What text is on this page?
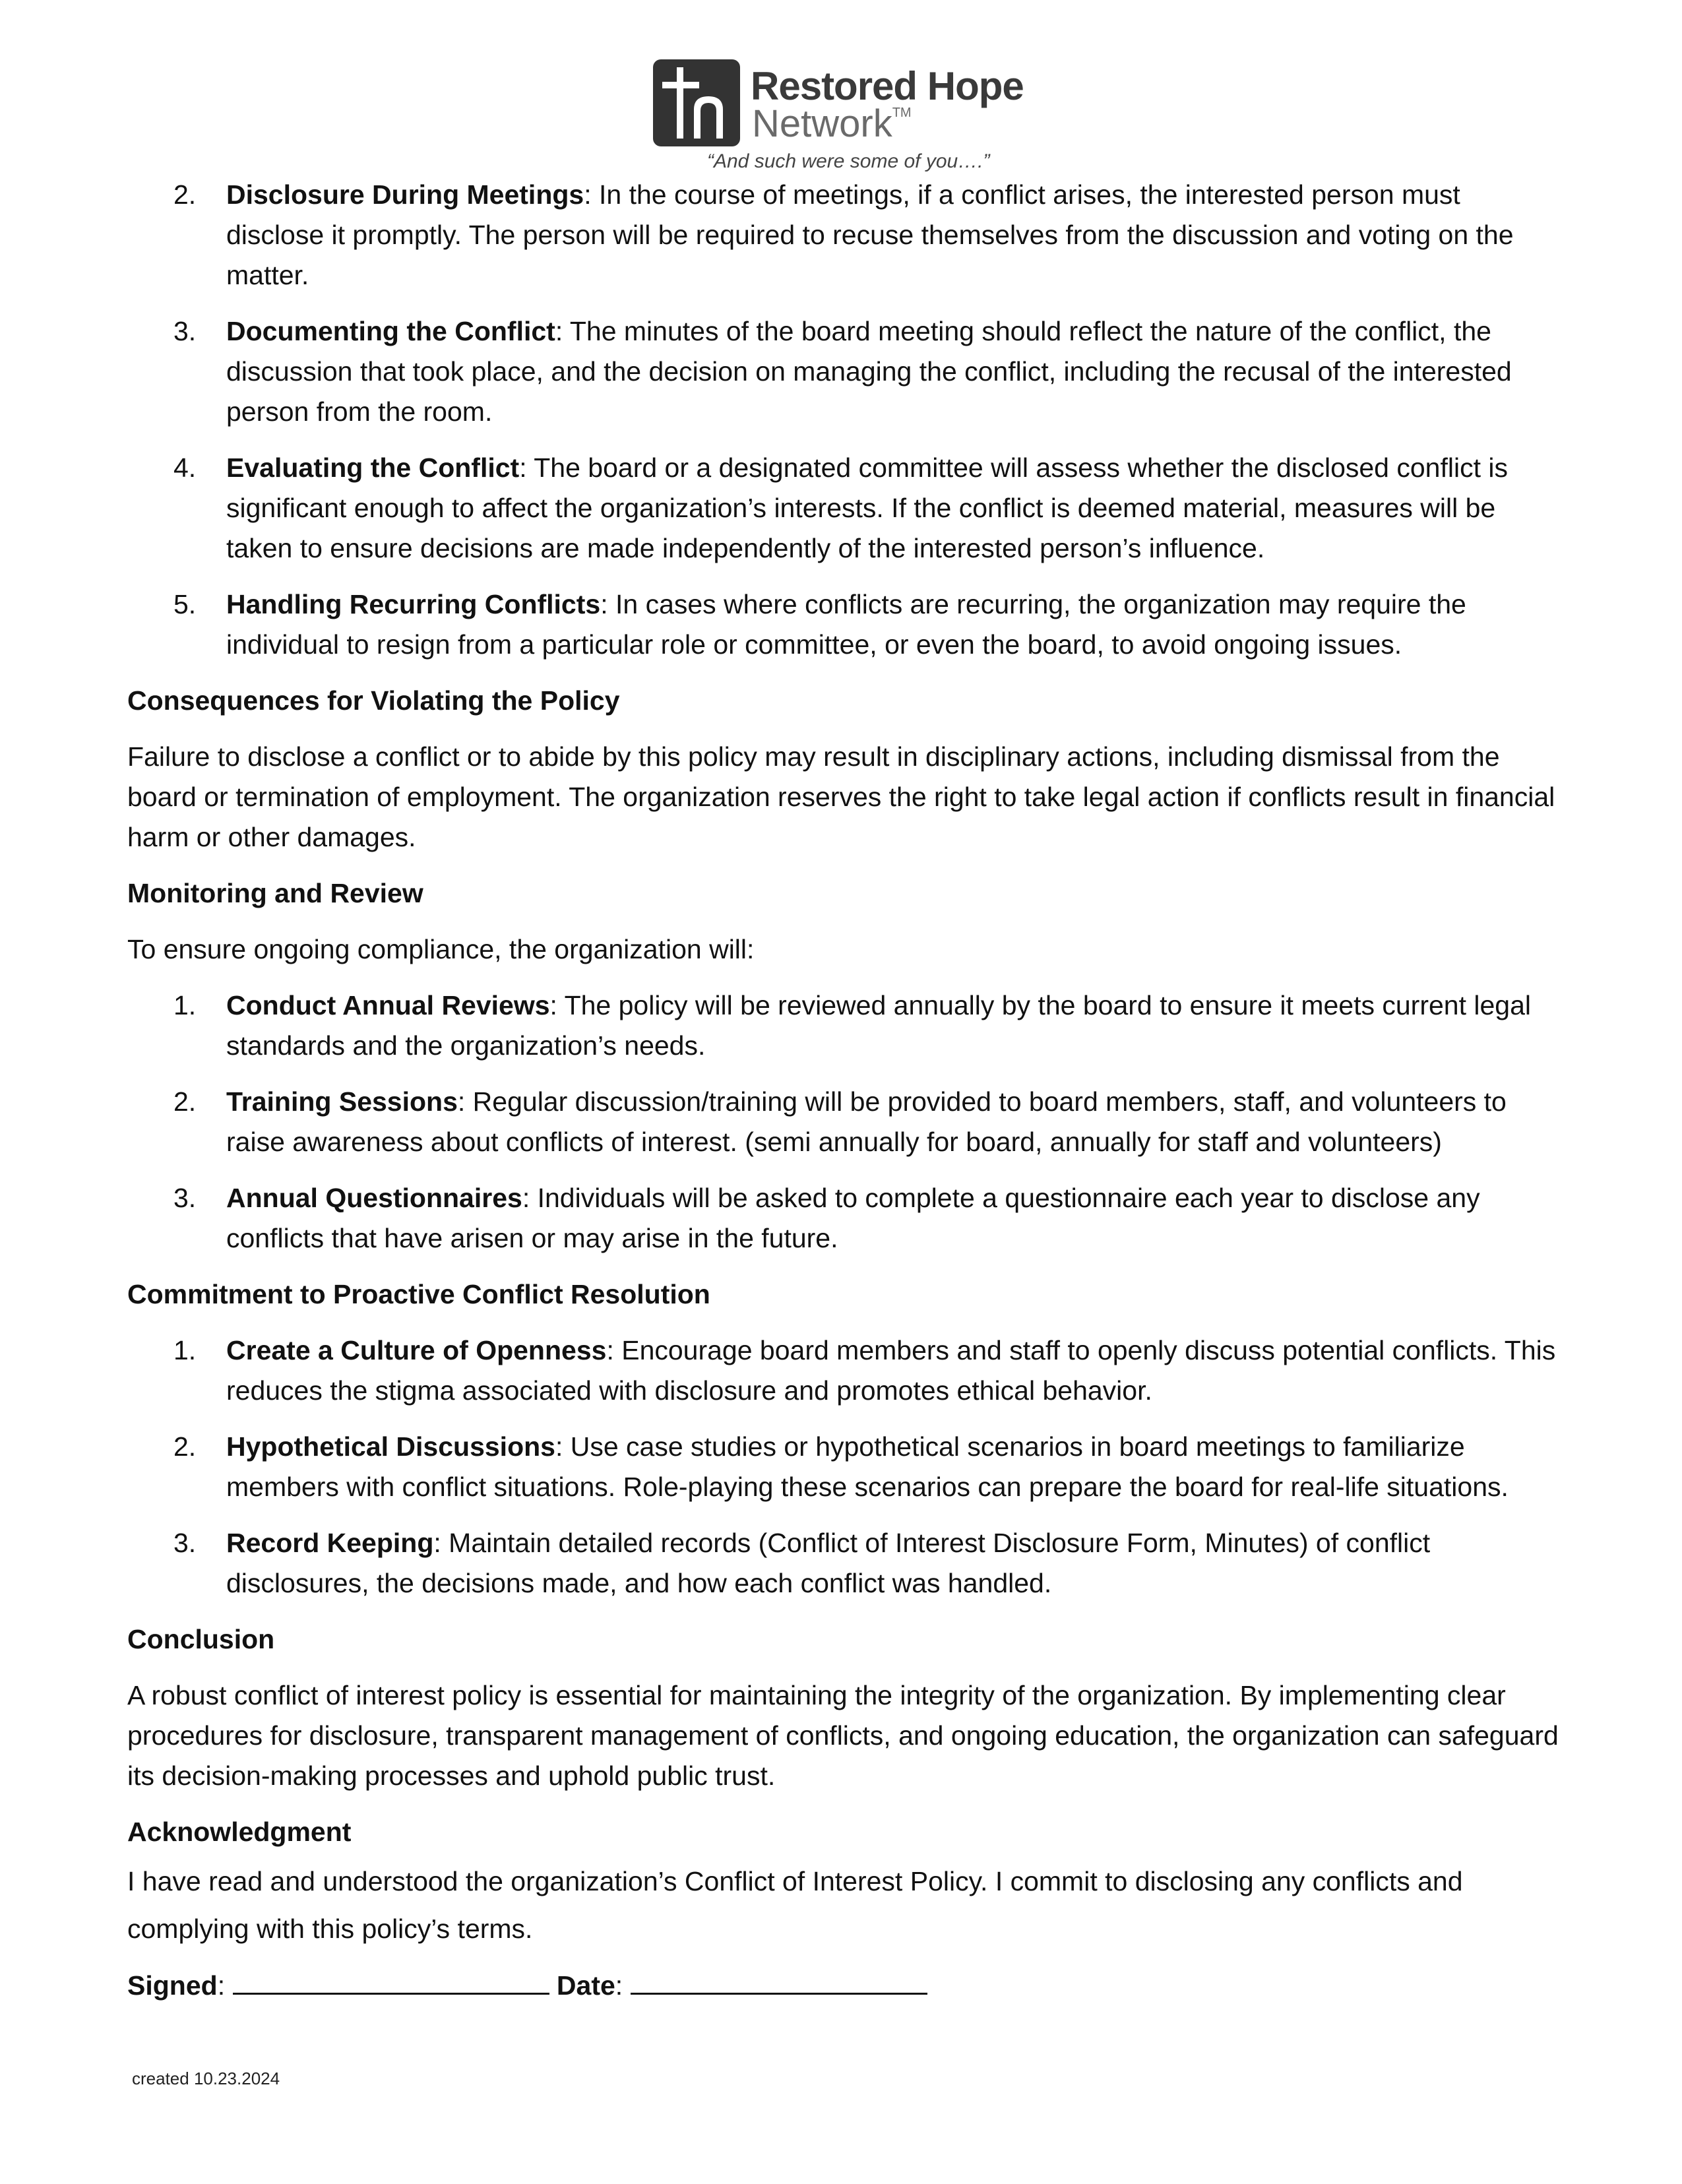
Restored Hope
Network™
“And such were some of you….”
2. Disclosure During Meetings: In the course of meetings, if a conflict arises, the interested person must disclose it promptly. The person will be required to recuse themselves from the discussion and voting on the matter.
3. Documenting the Conflict: The minutes of the board meeting should reflect the nature of the conflict, the discussion that took place, and the decision on managing the conflict, including the recusal of the interested person from the room.
4. Evaluating the Conflict: The board or a designated committee will assess whether the disclosed conflict is significant enough to affect the organization’s interests. If the conflict is deemed material, measures will be taken to ensure decisions are made independently of the interested person’s influence.
5. Handling Recurring Conflicts: In cases where conflicts are recurring, the organization may require the individual to resign from a particular role or committee, or even the board, to avoid ongoing issues.
Consequences for Violating the Policy
Failure to disclose a conflict or to abide by this policy may result in disciplinary actions, including dismissal from the board or termination of employment. The organization reserves the right to take legal action if conflicts result in financial harm or other damages.
Monitoring and Review
To ensure ongoing compliance, the organization will:
1. Conduct Annual Reviews: The policy will be reviewed annually by the board to ensure it meets current legal standards and the organization’s needs.
2. Training Sessions: Regular discussion/training will be provided to board members, staff, and volunteers to raise awareness about conflicts of interest. (semi annually for board, annually for staff and volunteers)
3. Annual Questionnaires: Individuals will be asked to complete a questionnaire each year to disclose any conflicts that have arisen or may arise in the future.
Commitment to Proactive Conflict Resolution
1. Create a Culture of Openness: Encourage board members and staff to openly discuss potential conflicts. This reduces the stigma associated with disclosure and promotes ethical behavior.
2. Hypothetical Discussions: Use case studies or hypothetical scenarios in board meetings to familiarize members with conflict situations. Role-playing these scenarios can prepare the board for real-life situations.
3. Record Keeping: Maintain detailed records (Conflict of Interest Disclosure Form, Minutes) of conflict disclosures, the decisions made, and how each conflict was handled.
Conclusion
A robust conflict of interest policy is essential for maintaining the integrity of the organization. By implementing clear procedures for disclosure, transparent management of conflicts, and ongoing education, the organization can safeguard its decision-making processes and uphold public trust.
Acknowledgment
I have read and understood the organization’s Conflict of Interest Policy. I commit to disclosing any conflicts and complying with this policy’s terms.
Signed:	Date:
created 10.23.2024
